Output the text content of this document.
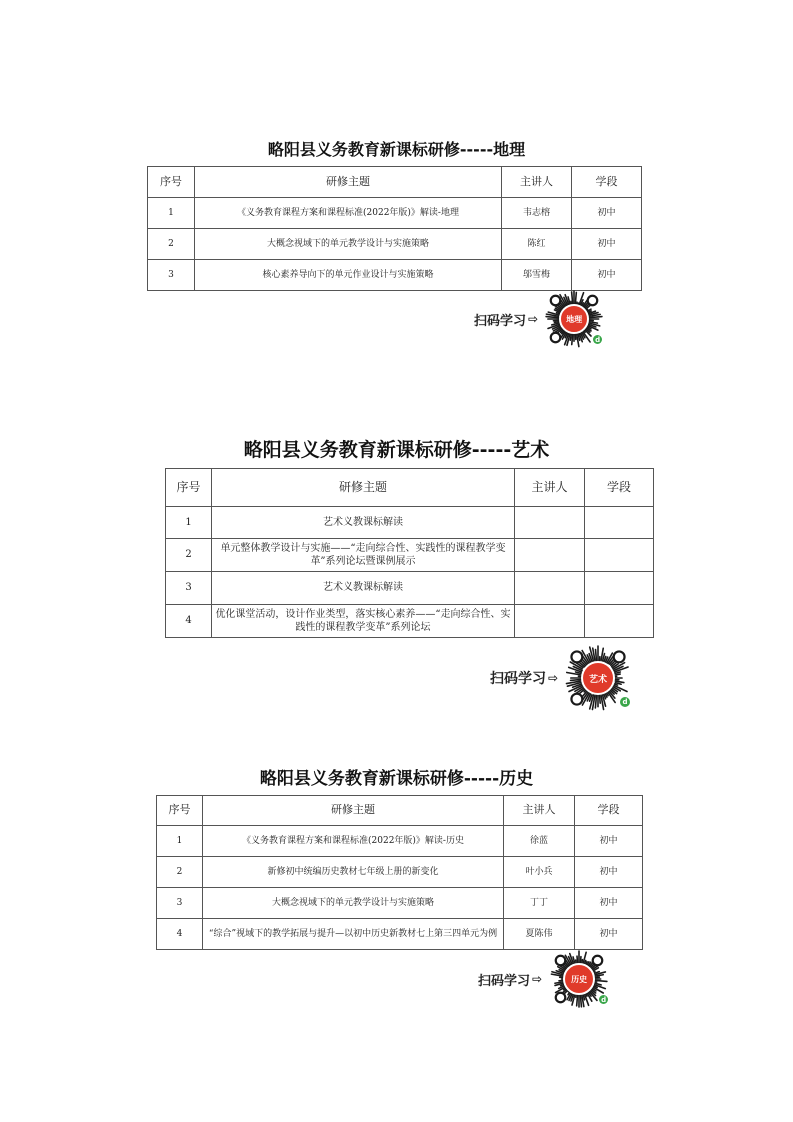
略阳县义务教育新课标研修-----地理
序号	研修主题	主讲人	学段
1	《义务教育课程方案和课程标准(2022年版)》解读-地理	韦志榕	初中
2	大概念视域下的单元教学设计与实施策略	陈红	初中
3	核心素养导向下的单元作业设计与实施策略	邬雪梅	初中
扫码学习 ⇨	地理
d
略阳县义务教育新课标研修-----艺术
序号	研修主题	主讲人	学段
1	艺术义教课标解读		
2	单元整体教学设计与实施——“走向综合性、实践性的课程教学变革”系列论坛暨课例展示		
3	艺术义教课标解读		
4	优化课堂活动，设计作业类型，落实核心素养——“走向综合性、实践性的课程教学变革”系列论坛		
扫码学习 ⇨	艺术
d
略阳县义务教育新课标研修-----历史
序号	研修主题	主讲人	学段
1	《义务教育课程方案和课程标准(2022年版)》解读-历史	徐蓝	初中
2	新修初中统编历史教材七年级上册的新变化	叶小兵	初中
3	大概念视域下的单元教学设计与实施策略	丁丁	初中
4	“综合”视域下的教学拓展与提升—以初中历史新教材七上第三四单元为例	夏陈伟	初中
扫码学习 ⇨	历史
d
